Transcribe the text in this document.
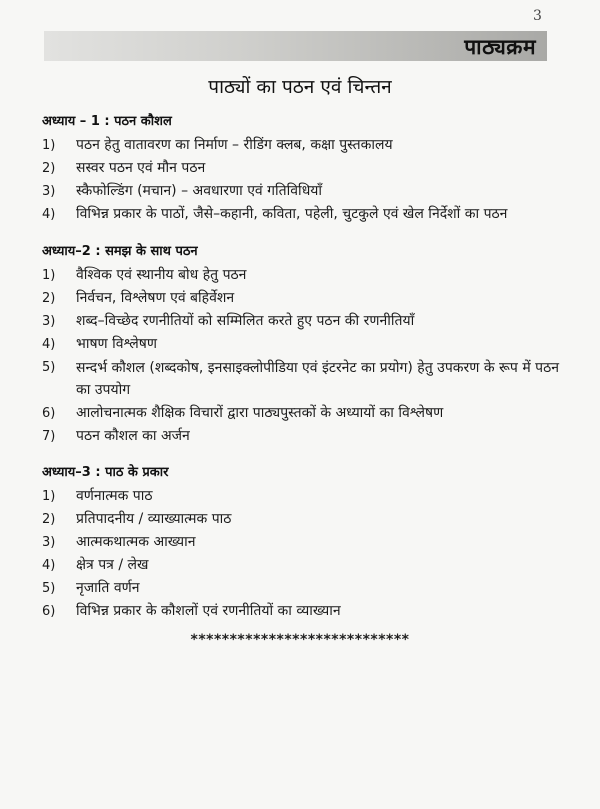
3
पाठ्यक्रम
पाठ्यों का पठन एवं चिन्तन
अध्याय – 1 : पठन कौशल
1)	पठन हेतु वातावरण का निर्माण – रीडिंग क्लब, कक्षा पुस्तकालय
2)	सस्वर पठन एवं मौन पठन
3)	स्कैफोल्डिंग (मचान) – अवधारणा एवं गतिविधियाँ
4)	विभिन्न प्रकार के पाठों, जैसे–कहानी, कविता, पहेली, चुटकुले एवं खेल निर्देशों का पठन
अध्याय–2 : समझ के साथ पठन
1)	वैश्विक एवं स्थानीय बोध हेतु पठन
2)	निर्वचन, विश्लेषण एवं बहिर्वेशन
3)	शब्द–विच्छेद रणनीतियों को सम्मिलित करते हुए पठन की रणनीतियाँ
4)	भाषण विश्लेषण
5)	सन्दर्भ कौशल (शब्दकोष, इनसाइक्लोपीडिया एवं इंटरनेट का प्रयोग) हेतु उपकरण के रूप में पठन का उपयोग
6)	आलोचनात्मक शैक्षिक विचारों द्वारा पाठ्यपुस्तकों के अध्यायों का विश्लेषण
7)	पठन कौशल का अर्जन
अध्याय–3 : पाठ के प्रकार
1)	वर्णनात्मक पाठ
2)	प्रतिपादनीय / व्याख्यात्मक पाठ
3)	आत्मकथात्मक आख्यान
4)	क्षेत्र पत्र / लेख
5)	नृजाति वर्णन
6)	विभिन्न प्रकार के कौशलों एवं रणनीतियों का व्याख्यान
****************************
